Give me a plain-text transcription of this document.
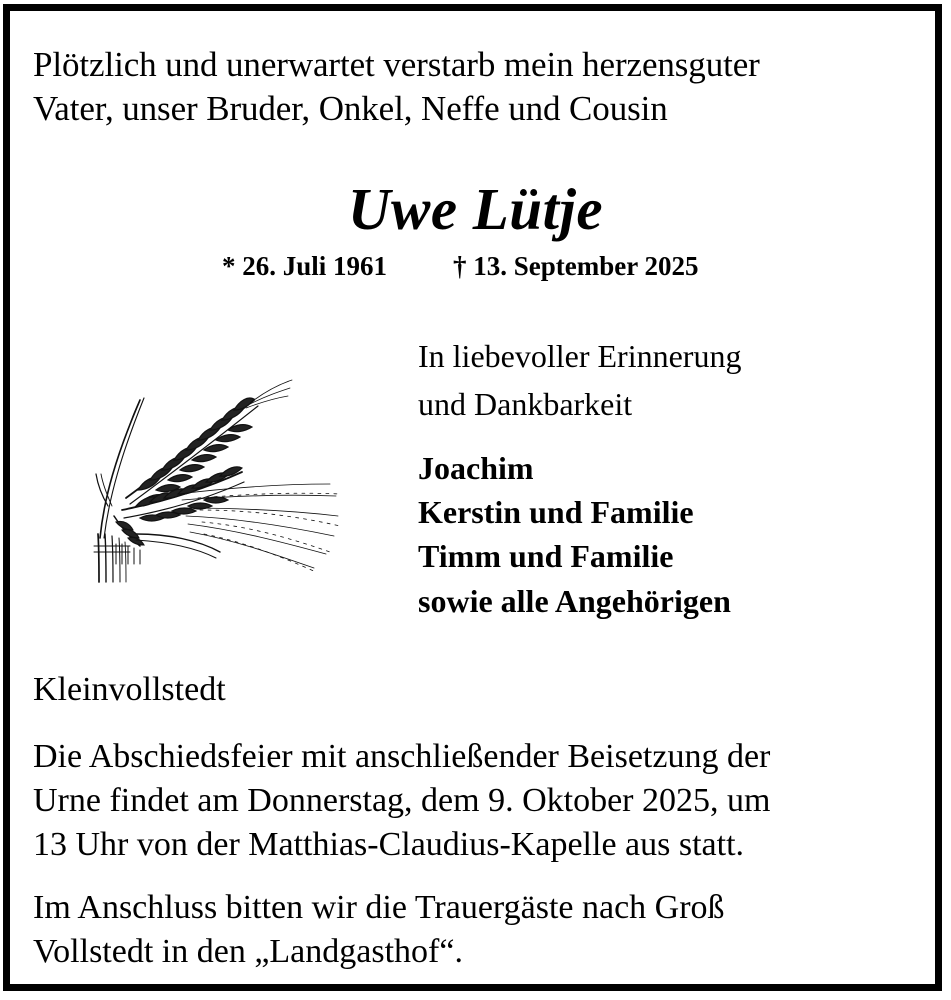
Plötzlich und unerwartet verstarb mein herzensguter
Vater, unser Bruder, Onkel, Neffe und Cousin
Uwe Lütje
* 26. Juli 1961 † 13. September 2025
In liebevoller Erinnerung
und Dankbarkeit
Joachim
Kerstin und Familie
Timm und Familie
sowie alle Angehörigen
Kleinvollstedt
Die Abschiedsfeier mit anschließender Beisetzung der
Urne findet am Donnerstag, dem 9. Oktober 2025, um
13 Uhr von der Matthias-Claudius-Kapelle aus statt.
Im Anschluss bitten wir die Trauergäste nach Groß
Vollstedt in den „Landgasthof“.
